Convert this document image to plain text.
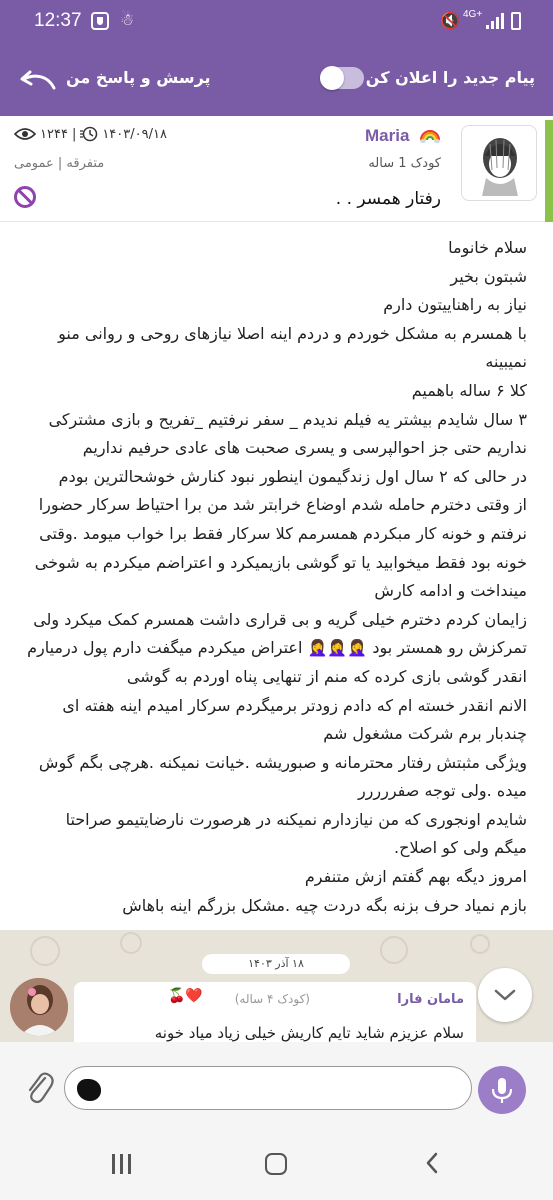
12:37 ☃	🔇 4G+
پرسش و پاسخ من	پیام جدید را اعلان کن
Maria
کودک 1 ساله
رفتار همسر . .
۱۲۴۴ | ۱۴۰۳/۰۹/۱۸
متفرقه | عمومی

سلام خانوما

شبتون بخیر

نیاز به راهناییتون دارم

با همسرم به مشکل خوردم و دردم اینه اصلا نیازهای روحی و روانی منو

نمیبینه

کلا ۶ ساله باهمیم

۳ سال شایدم بیشتر یه فیلم ندیدم _ سفر نرفتیم _تفریح و بازی مشترکی

نداریم حتی جز احوالپرسی و یسری صحبت های عادی حرفیم نداریم

در حالی که ۲ سال اول زندگیمون اینطور نبود کنارش خوشحالترین بودم

از وقتی دخترم حامله شدم اوضاع خرابتر شد من برا احتیاط سرکار حضورا

نرفتم و خونه کار مبکردم همسرمم کلا سرکار فقط برا خواب میومد .وقتی

خونه بود فقط میخوابید یا تو گوشی بازیمیکرد و اعتراضم میکردم به شوخی

مینداخت و ادامه کارش

زایمان کردم دخترم خیلی گریه و بی قراری داشت همسرم کمک میکرد ولی

تمرکزش رو همستر بود 🤦‍♀️🤦‍♀️🤦‍♀️ اعتراض میکردم میگفت دارم پول درمیارم

انقدر گوشی بازی کرده که منم از تنهایی پناه اوردم به گوشی

الانم انقدر خسته ام که دادم زودتر برمیگردم سرکار امیدم اینه هفته ای

چندبار برم شرکت مشغول شم

ویژگی مثبتش رفتار محترمانه و صبوریشه .خیانت نمیکنه .هرچی بگم گوش

میده .ولی توجه صفررررر

شایدم اونجوری که من نیازدارم نمیکنه در هرصورت نارضایتیمو صراحتا

میگم ولی کو اصلاح.

امروز دیگه بهم گفتم ازش متنفرم

بازم نمیاد حرف بزنه بگه دردت چیه .مشکل بزرگم اینه باهاش

۱۸ آذر ۱۴۰۳
مامان فارا
🍒❤️	(کودک ۴ ساله)
سلام عزیزم شاید تایم کاریش خیلی زیاد میاد خونه
